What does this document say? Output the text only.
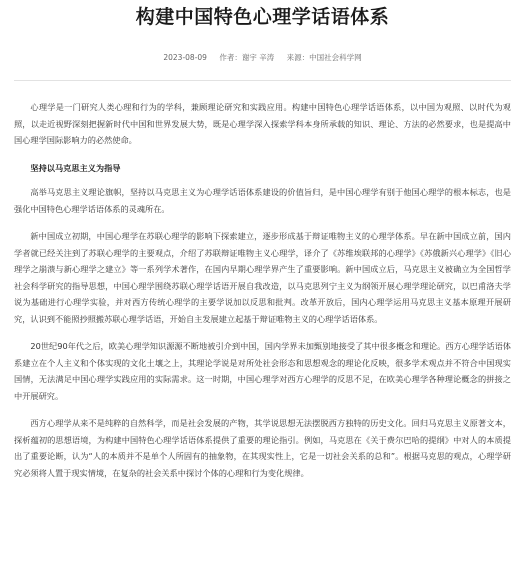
构建中国特色心理学话语体系
2023-08-09 作者：谢宇 辛涛 来源：中国社会科学网

心理学是一门研究人类心理和行为的学科，兼顾理论研究和实践应用。构建中国特色心理学话语体系，以中国为观照、以时代为观照，以走近视野深刻把握新时代中国和世界发展大势，既是心理学深入探索学科本身所承载的知识、理论、方法的必然要求，也是提高中国心理学国际影响力的必然使命。

坚持以马克思主义为指导

高举马克思主义理论旗帜，坚持以马克思主义为心理学话语体系建设的价值旨归，是中国心理学有别于他国心理学的根本标志，也是强化中国特色心理学话语体系的灵魂所在。

新中国成立初期，中国心理学在苏联心理学的影响下探索建立，逐步形成基于辩证唯物主义的心理学体系。早在新中国成立前，国内学者就已经关注到了苏联心理学的主要观点，介绍了苏联辩证唯物主义心理学，译介了《苏维埃联邦的心理学》《苏俄新兴心理学》《旧心理学之崩溃与新心理学之建立》等一系列学术著作，在国内早期心理学界产生了重要影响。新中国成立后，马克思主义被确立为全国哲学社会科学研究的指导思想，中国心理学围绕苏联心理学话语开展自我改造，以马克思列宁主义为纲领开展心理学理论研究，以巴甫洛夫学说为基础进行心理学实验，并对西方传统心理学的主要学说加以反思和批判。改革开放后，国内心理学运用马克思主义基本原理开展研究，认识到不能照抄照搬苏联心理学话语，开始自主发展建立起基于辩证唯物主义的心理学话语体系。

20世纪90年代之后，欧美心理学知识源源不断地被引介到中国，国内学界未加甄别地接受了其中很多概念和理论。西方心理学话语体系建立在个人主义和个体实现的文化土壤之上，其理论学说是对所处社会形态和思想观念的理论化反映，很多学术观点并不符合中国现实国情，无法满足中国心理学实践应用的实际需求。这一时期，中国心理学对西方心理学的反思不足，在欧美心理学各种理论概念的拼接之中开展研究。

西方心理学从来不是纯粹的自然科学，而是社会发展的产物，其学说思想无法摆脱西方独特的历史文化。回归马克思主义原著文本，探析蕴初的思想语境，为构建中国特色心理学话语体系提供了重要的理论指引。例如，马克思在《关于费尔巴哈的提纲》中对人的本质提出了重要论断，认为“人的本质并不是单个人所固有的抽象物，在其现实性上，它是一切社会关系的总和”。根据马克思的观点，心理学研究必须将人置于现实情境，在复杂的社会关系中探讨个体的心理和行为变化规律。
